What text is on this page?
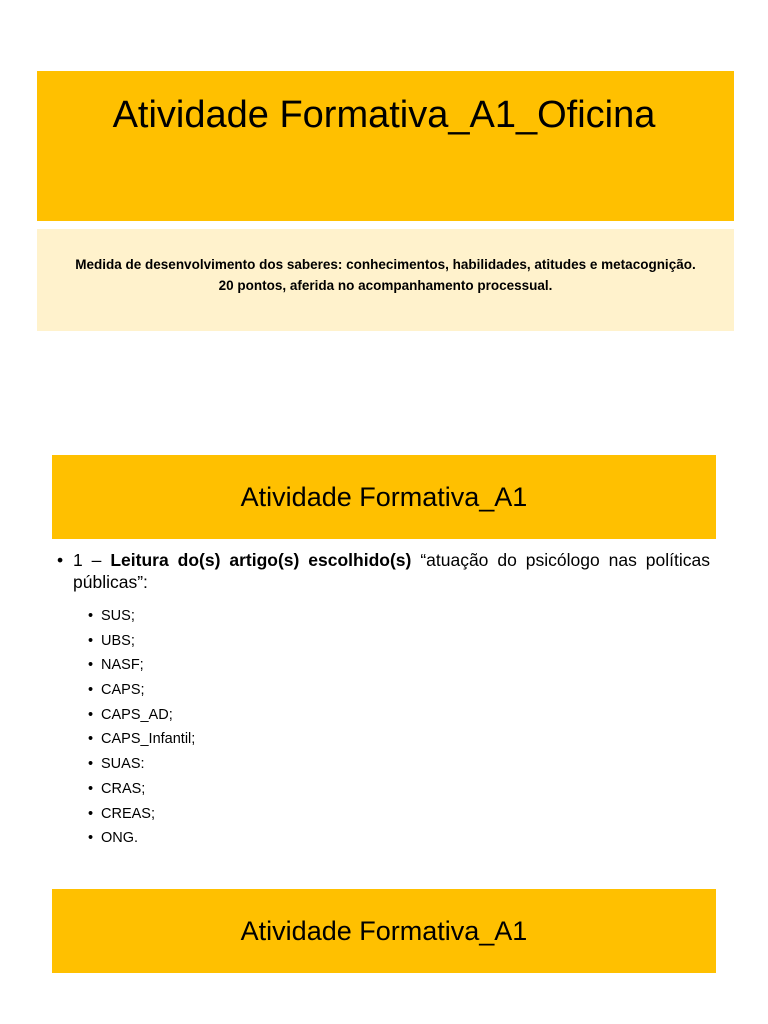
Atividade Formativa_A1_Oficina

Medida de desenvolvimento dos saberes: conhecimentos, habilidades, atitudes e metacognição.

20 pontos, aferida no acompanhamento processual.

Atividade Formativa_A1
• 1 – Leitura do(s) artigo(s) escolhido(s) “atuação do psicólogo nas políticas públicas”:
• SUS;
• UBS;
• NASF;
• CAPS;
• CAPS_AD;
• CAPS_Infantil;
• SUAS:
• CRAS;
• CREAS;
• ONG.
Atividade Formativa_A1
